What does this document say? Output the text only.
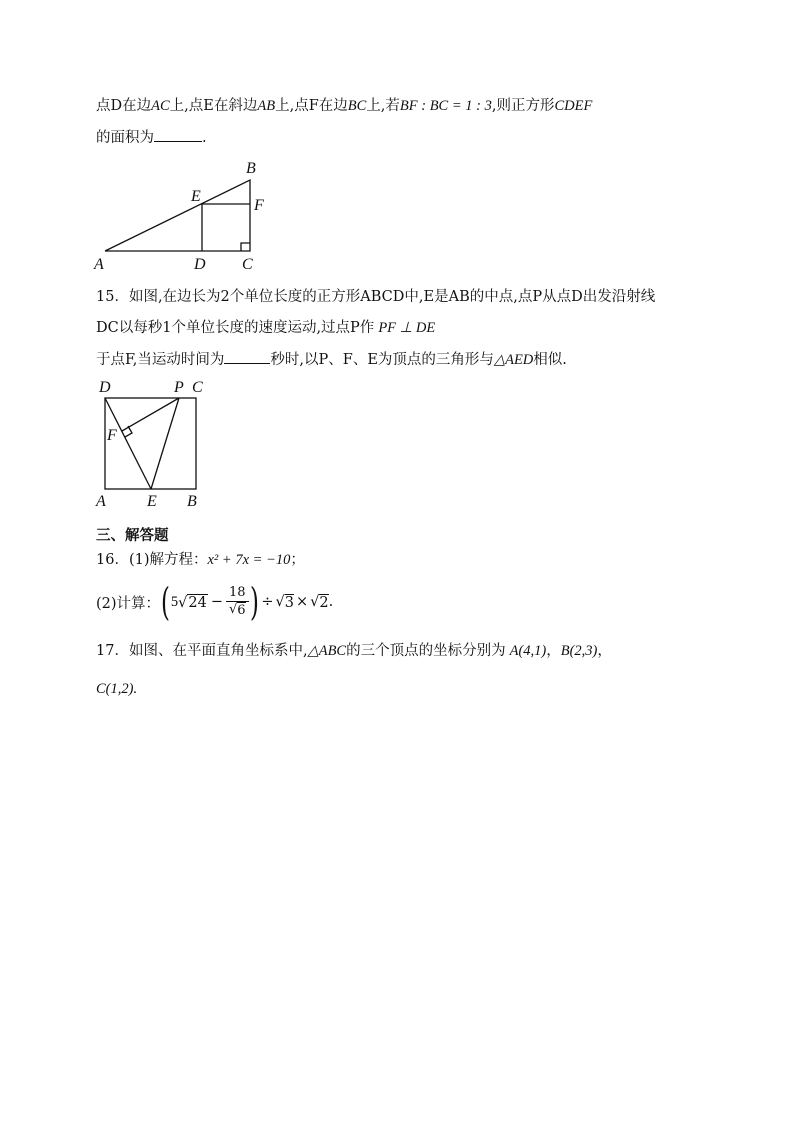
点D在边AC上,点E在斜边AB上,点F在边BC上,若BF : BC = 1 : 3,则正方形CDEF
的面积为	.
B
E
F
A	D C
15．如图,在边长为2个单位长度的正方形ABCD中,E是AB的中点,点P从点D出发沿射线
DC以每秒1个单位长度的速度运动,过点P作 PF ⊥ DE
于点F,当运动时间为	秒时,以P、F、E为顶点的三角形与△AED相似.
D	P C
F
A	E B
三、解答题
16．(1)解方程：x² + 7x = −10；
(2)计算： ( 5 √ $24 - \frac{18}{√ 6}$ ) ÷ √ 3 × √ 2 .
17．如图、在平面直角坐标系中,△ABC的三个顶点的坐标分别为 A(4,1)，B(2,3)，
C(1,2).
